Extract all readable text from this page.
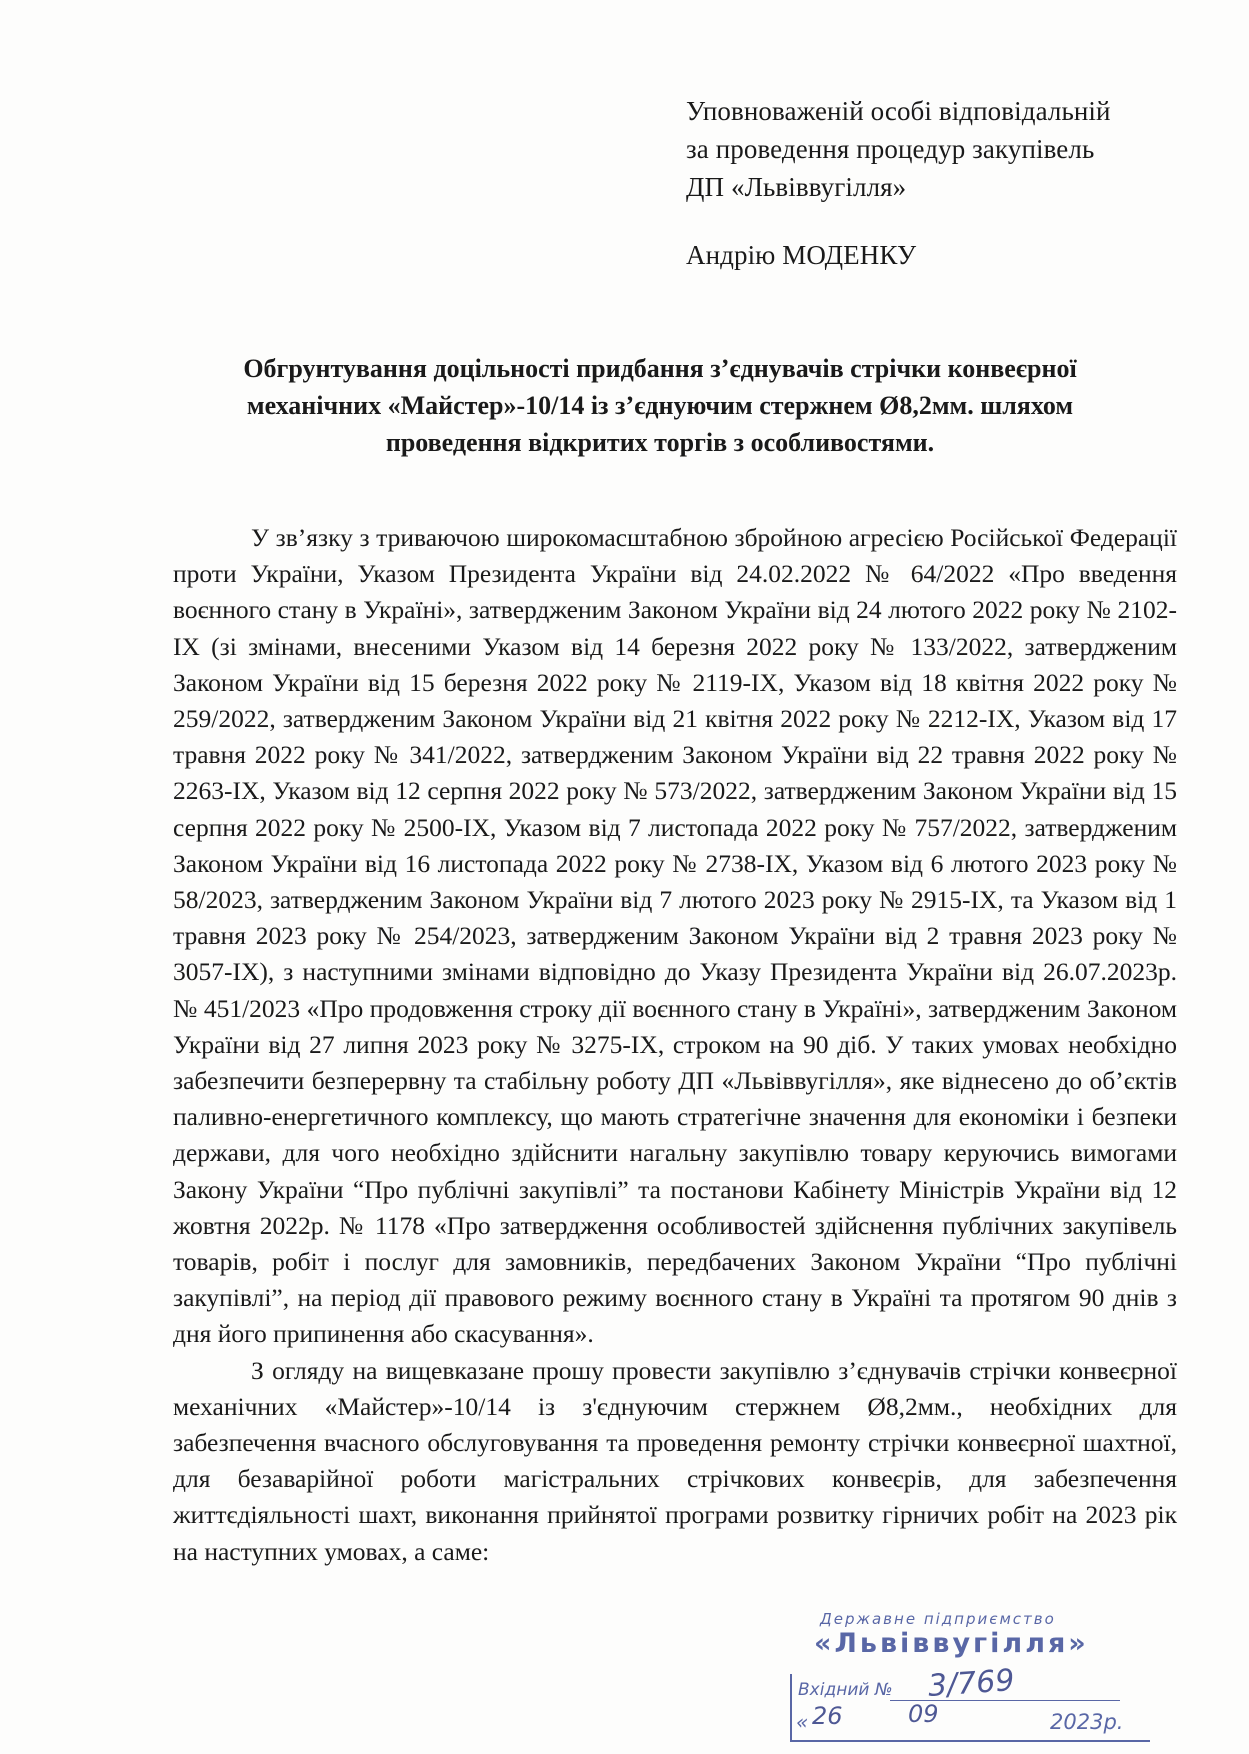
Уповноваженій особі відповідальній
за проведення процедур закупівель
ДП «Львіввугілля»
Андрію МОДЕНКУ
Обгрунтування доцільності придбання з’єднувачів стрічки конвеєрної
механічних «Майстер»-10/14 із з’єднуючим стержнем Ø8,2мм. шляхом
проведення відкритих торгів з особливостями.

У зв’язку з триваючою широкомасштабною збройною агресією Російської Федерації проти України, Указом Президента України від 24.02.2022 № 64/2022 «Про введення воєнного стану в Україні», затвердженим Законом України від 24 лютого 2022 року № 2102-IX (зі змінами, внесеними Указом від 14 березня 2022 року № 133/2022, затвердженим Законом України від 15 березня 2022 року № 2119-IX, Указом від 18 квітня 2022 року № 259/2022, затвердженим Законом України від 21 квітня 2022 року № 2212-IX, Указом від 17 травня 2022 року № 341/2022, затвердженим Законом України від 22 травня 2022 року № 2263-IX, Указом від 12 серпня 2022 року № 573/2022, затвердженим Законом України від 15 серпня 2022 року № 2500-IX, Указом від 7 листопада 2022 року № 757/2022, затвердженим Законом України від 16 листопада 2022 року № 2738-IX, Указом від 6 лютого 2023 року № 58/2023, затвердженим Законом України від 7 лютого 2023 року № 2915-IX, та Указом від 1 травня 2023 року № 254/2023, затвердженим Законом України від 2 травня 2023 року № 3057-IX), з наступними змінами відповідно до Указу Президента України від 26.07.2023р. № 451/2023 «Про продовження строку дії воєнного стану в Україні», затвердженим Законом України від 27 липня 2023 року № 3275-IX, строком на 90 діб. У таких умовах необхідно забезпечити безперервну та стабільну роботу ДП «Львіввугілля», яке віднесено до об’єктів паливно-енергетичного комплексу, що мають стратегічне значення для економіки і безпеки держави, для чого необхідно здійснити нагальну закупівлю товару керуючись вимогами Закону України “Про публічні закупівлі” та постанови Кабінету Міністрів України від 12 жовтня 2022р. № 1178 «Про затвердження особливостей здійснення публічних закупівель товарів, робіт і послуг для замовників, передбачених Законом України “Про публічні закупівлі”, на період дії правового режиму воєнного стану в Україні та протягом 90 днів з дня його припинення або скасування».

З огляду на вищевказане прошу провести закупівлю з’єднувачів стрічки конвеєрної механічних «Майстер»-10/14 із з'єднуючим стержнем Ø8,2мм., необхідних для забезпечення вчасного обслуговування та проведення ремонту стрічки конвеєрної шахтної, для безаварійної роботи магістральних стрічкових конвеєрів, для забезпечення життєдіяльності шахт, виконання прийнятої програми розвитку гірничих робіт на 2023 рік на наступних умовах, а саме:

Державне підприємство
«Львіввугілля»
Вхідний № 3/769
« 26	09	2023р.
